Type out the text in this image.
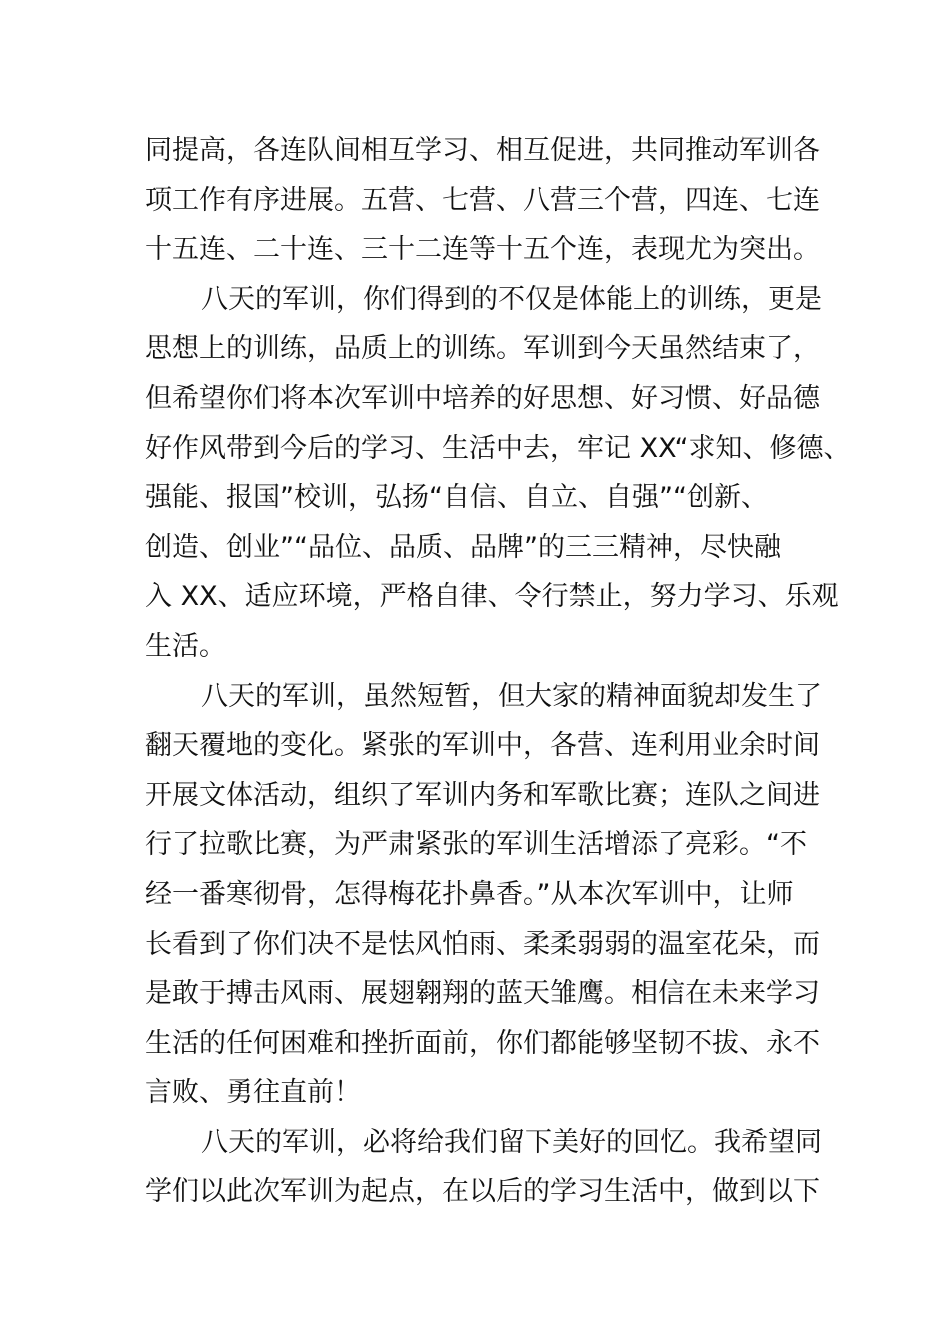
同提高，各连队间相互学习、相互促进，共同推动军训各
项工作有序进展。五营、七营、八营三个营，四连、七连
十五连、二十连、三十二连等十五个连，表现尤为突出。
八天的军训，你们得到的不仅是体能上的训练，更是
思想上的训练，品质上的训练。军训到今天虽然结束了，
但希望你们将本次军训中培养的好思想、好习惯、好品德
好作风带到今后的学习、生活中去，牢记 XX“求知、修德、
强能、报国”校训，弘扬“自信、自立、自强”“创新、
创造、创业”“品位、品质、品牌”的三三精神，尽快融
入 XX、适应环境，严格自律、令行禁止，努力学习、乐观
生活。
八天的军训，虽然短暂，但大家的精神面貌却发生了
翻天覆地的变化。紧张的军训中，各营、连利用业余时间
开展文体活动，组织了军训内务和军歌比赛；连队之间进
行了拉歌比赛，为严肃紧张的军训生活增添了亮彩。“不
经一番寒彻骨，怎得梅花扑鼻香。”从本次军训中，让师
长看到了你们决不是怯风怕雨、柔柔弱弱的温室花朵，而
是敢于搏击风雨、展翅翱翔的蓝天雏鹰。相信在未来学习
生活的任何困难和挫折面前，你们都能够坚韧不拔、永不
言败、勇往直前！
八天的军训，必将给我们留下美好的回忆。我希望同
学们以此次军训为起点，在以后的学习生活中，做到以下
